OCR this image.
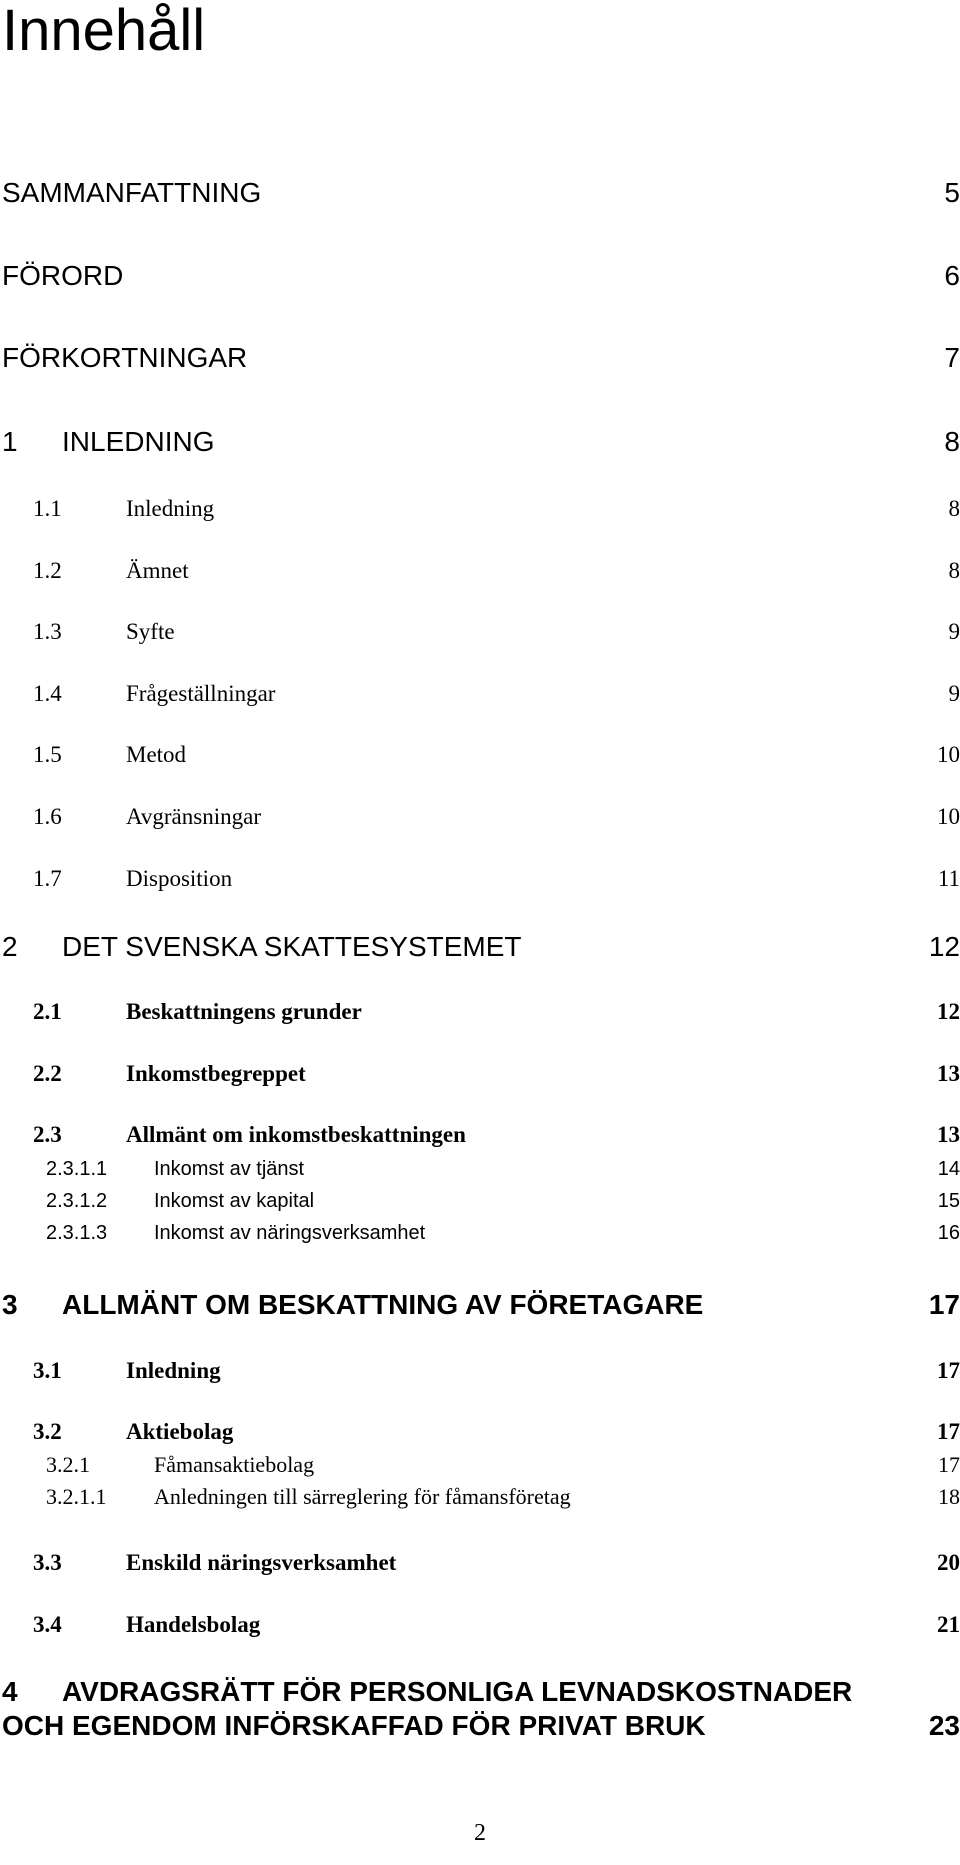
Innehåll
SAMMANFATTNING	5
FÖRORD	6
FÖRKORTNINGAR	7
1 INLEDNING	8
1.1	Inledning	8
1.2	Ämnet	8
1.3	Syfte	9
1.4	Frågeställningar	9
1.5	Metod	10
1.6	Avgränsningar	10
1.7	Disposition	11
2 DET SVENSKA SKATTESYSTEMET	12
2.1	Beskattningens grunder	12
2.2	Inkomstbegreppet	13
2.3	Allmänt om inkomstbeskattningen	13
2.3.1.1 Inkomst av tjänst	14
2.3.1.2 Inkomst av kapital	15
2.3.1.3 Inkomst av näringsverksamhet	16
3 ALLMÄNT OM BESKATTNING AV FÖRETAGARE	17
3.1	Inledning	17
3.2	Aktiebolag	17
3.2.1	Fåmansaktiebolag	17
3.2.1.1 Anledningen till särreglering för fåmansföretag	18
3.3	Enskild näringsverksamhet	20
3.4	Handelsbolag	21
4 AVDRAGSRÄTT FÖR PERSONLIGA LEVNADSKOSTNADER
OCH EGENDOM INFÖRSKAFFAD FÖR PRIVAT BRUK	23
2
